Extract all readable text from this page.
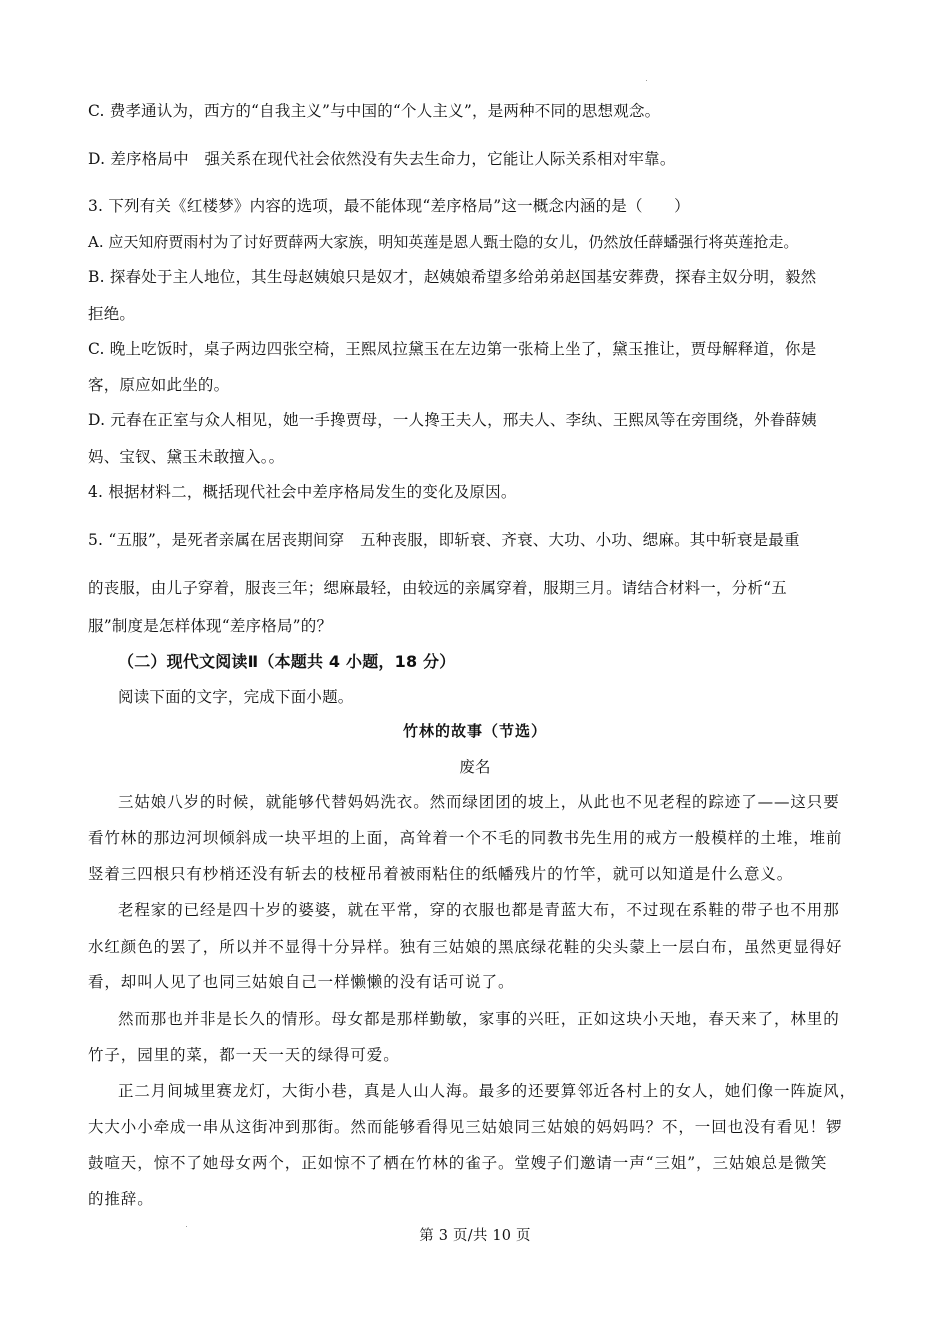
C. 费孝通认为，西方的“自我主义”与中国的“个人主义”，是两种不同的思想观念。
D. 差序格局中　强关系在现代社会依然没有失去生命力，它能让人际关系相对牢靠。
3. 下列有关《红楼梦》内容的选项，最不能体现“差序格局”这一概念内涵的是（　　）
A. 应天知府贾雨村为了讨好贾薛两大家族，明知英莲是恩人甄士隐的女儿，仍然放任薛蟠强行将英莲抢走。
B. 探春处于主人地位，其生母赵姨娘只是奴才，赵姨娘希望多给弟弟赵国基安葬费，探春主奴分明，毅然
拒绝。
C. 晚上吃饭时，桌子两边四张空椅，王熙凤拉黛玉在左边第一张椅上坐了，黛玉推让，贾母解释道，你是
客，原应如此坐的。
D. 元春在正室与众人相见，她一手搀贾母，一人搀王夫人，邢夫人、李纨、王熙凤等在旁围绕，外眷薛姨
妈、宝钗、黛玉未敢擅入。。
4. 根据材料二，概括现代社会中差序格局发生的变化及原因。
5. “五服”，是死者亲属在居丧期间穿　五种丧服，即斩衰、齐衰、大功、小功、缌麻。其中斩衰是最重
的丧服，由儿子穿着，服丧三年；缌麻最轻，由较远的亲属穿着，服期三月。请结合材料一，分析“五
服”制度是怎样体现“差序格局”的？
（二）现代文阅读Ⅱ（本题共 4 小题，18 分）
阅读下面的文字，完成下面小题。
竹林的故事（节选）
废名
三姑娘八岁的时候，就能够代替妈妈洗衣。然而绿团团的坡上，从此也不见老程的踪迹了——这只要
看竹林的那边河坝倾斜成一块平坦的上面，高耸着一个不毛的同教书先生用的戒方一般模样的土堆，堆前
竖着三四根只有杪梢还没有斩去的枝桠吊着被雨粘住的纸幡残片的竹竿，就可以知道是什么意义。
老程家的已经是四十岁的婆婆，就在平常，穿的衣服也都是青蓝大布，不过现在系鞋的带子也不用那
水红颜色的罢了，所以并不显得十分异样。独有三姑娘的黑底绿花鞋的尖头蒙上一层白布，虽然更显得好
看，却叫人见了也同三姑娘自己一样懒懒的没有话可说了。
然而那也并非是长久的情形。母女都是那样勤敏，家事的兴旺，正如这块小天地，春天来了，林里的
竹子，园里的菜，都一天一天的绿得可爱。
正二月间城里赛龙灯，大街小巷，真是人山人海。最多的还要算邻近各村上的女人，她们像一阵旋风，
大大小小牵成一串从这街冲到那街。然而能够看得见三姑娘同三姑娘的妈妈吗？不，一回也没有看见！锣
鼓喧天，惊不了她母女两个，正如惊不了栖在竹林的雀子。堂嫂子们邀请一声“三姐”，三姑娘总是微笑
的推辞。
第 3 页/共 10 页
